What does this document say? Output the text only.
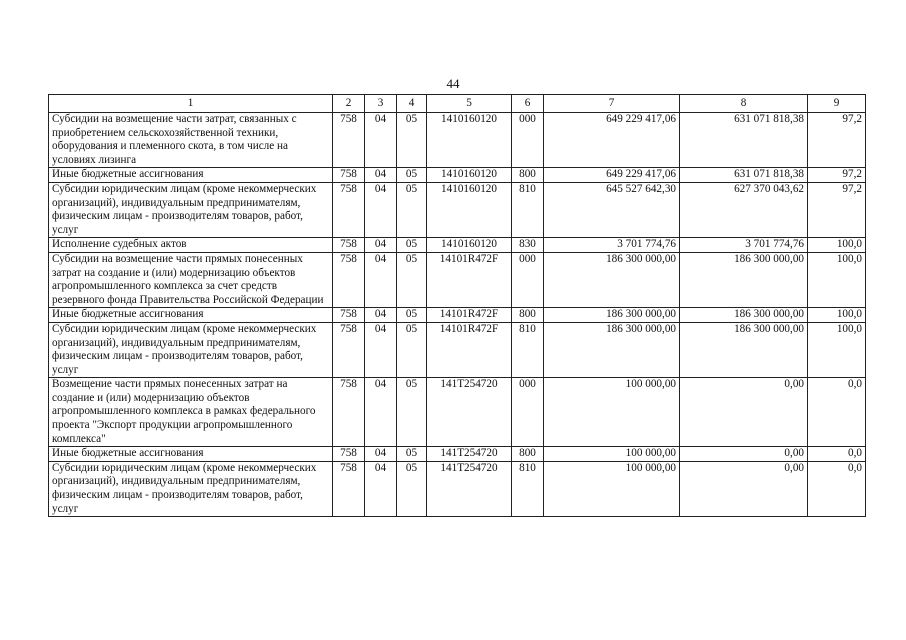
44
1	2	3	4	5	6	7	8	9
Субсидии на возмещение части затрат, связанных с приобретением сельскохозяйственной техники, оборудования и племенного скота, в том числе на условиях лизинга	758	04	05	1410160120	000	649 229 417,06	631 071 818,38	97,2
Иные бюджетные ассигнования	758	04	05	1410160120	800	649 229 417,06	631 071 818,38	97,2
Субсидии юридическим лицам (кроме некоммерческих организаций), индивидуальным предпринимателям, физическим лицам - производителям товаров, работ, услуг	758	04	05	1410160120	810	645 527 642,30	627 370 043,62	97,2
Исполнение судебных актов	758	04	05	1410160120	830	3 701 774,76	3 701 774,76	100,0
Субсидии на возмещение части прямых понесенных затрат на создание и (или) модернизацию объектов агропромышленного комплекса за счет средств резервного фонда Правительства Российской Федерации	758	04	05	14101R472F	000	186 300 000,00	186 300 000,00	100,0
Иные бюджетные ассигнования	758	04	05	14101R472F	800	186 300 000,00	186 300 000,00	100,0
Субсидии юридическим лицам (кроме некоммерческих организаций), индивидуальным предпринимателям, физическим лицам - производителям товаров, работ, услуг	758	04	05	14101R472F	810	186 300 000,00	186 300 000,00	100,0
Возмещение части прямых понесенных затрат на создание и (или) модернизацию объектов агропромышленного комплекса в рамках федерального проекта "Экспорт продукции агропромышленного комплекса"	758	04	05	141T254720	000	100 000,00	0,00	0,0
Иные бюджетные ассигнования	758	04	05	141T254720	800	100 000,00	0,00	0,0
Субсидии юридическим лицам (кроме некоммерческих организаций), индивидуальным предпринимателям, физическим лицам - производителям товаров, работ, услуг	758	04	05	141T254720	810	100 000,00	0,00	0,0
